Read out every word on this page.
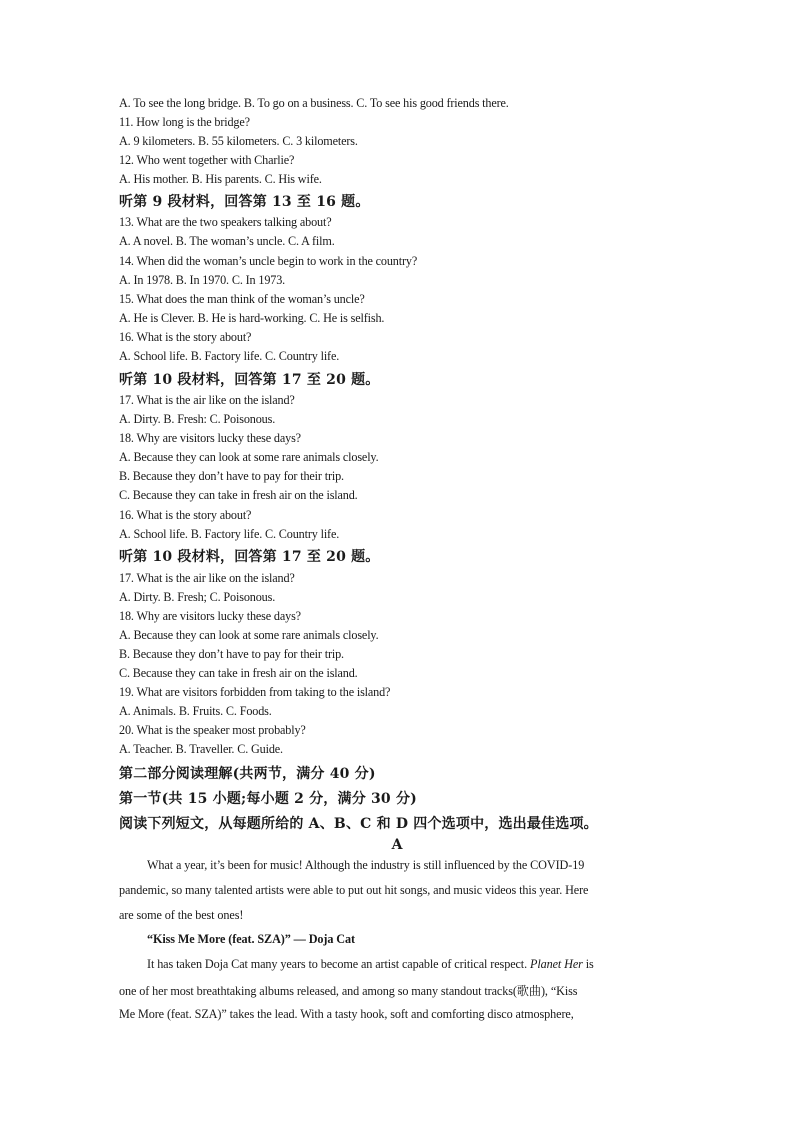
A. To see the long bridge. B. To go on a business. C. To see his good friends there.
11. How long is the bridge?
A. 9 kilometers. B. 55 kilometers. C. 3 kilometers.
12. Who went together with Charlie?
A. His mother. B. His parents. C. His wife.
听第 9 段材料，回答第 13 至 16 题。
13. What are the two speakers talking about?
A. A novel. B. The woman’s uncle. C. A film.
14. When did the woman’s uncle begin to work in the country?
A. In 1978. B. In 1970. C. In 1973.
15. What does the man think of the woman’s uncle?
A. He is Clever. B. He is hard-working. C. He is selfish.
16. What is the story about?
A. School life. B. Factory life. C. Country life.
听第 10 段材料，回答第 17 至 20 题。
17. What is the air like on the island?
A. Dirty. B. Fresh: C. Poisonous.
18. Why are visitors lucky these days?
A. Because they can look at some rare animals closely.
B. Because they don’t have to pay for their trip.
C. Because they can take in fresh air on the island.
16. What is the story about?
A. School life. B. Factory life. C. Country life.
听第 10 段材料，回答第 17 至 20 题。
17. What is the air like on the island?
A. Dirty. B. Fresh; C. Poisonous.
18. Why are visitors lucky these days?
A. Because they can look at some rare animals closely.
B. Because they don’t have to pay for their trip.
C. Because they can take in fresh air on the island.
19. What are visitors forbidden from taking to the island?
A. Animals. B. Fruits. C. Foods.
20. What is the speaker most probably?
A. Teacher. B. Traveller. C. Guide.
第二部分阅读理解(共两节，满分 40 分)
第一节(共 15 小题;每小题 2 分，满分 30 分)
阅读下列短文，从每题所给的 A、B、C 和 D 四个选项中，选出最佳选项。
A
What a year, it’s been for music! Although the industry is still influenced by the COVID-19
pandemic, so many talented artists were able to put out hit songs, and music videos this year. Here
are some of the best ones!
“Kiss Me More (feat. SZA)” — Doja Cat
It has taken Doja Cat many years to become an artist capable of critical respect. Planet Her is
one of her most breathtaking albums released, and among so many standout tracks(歌曲), “Kiss
Me More (feat. SZA)” takes the lead. With a tasty hook, soft and comforting disco atmosphere,
